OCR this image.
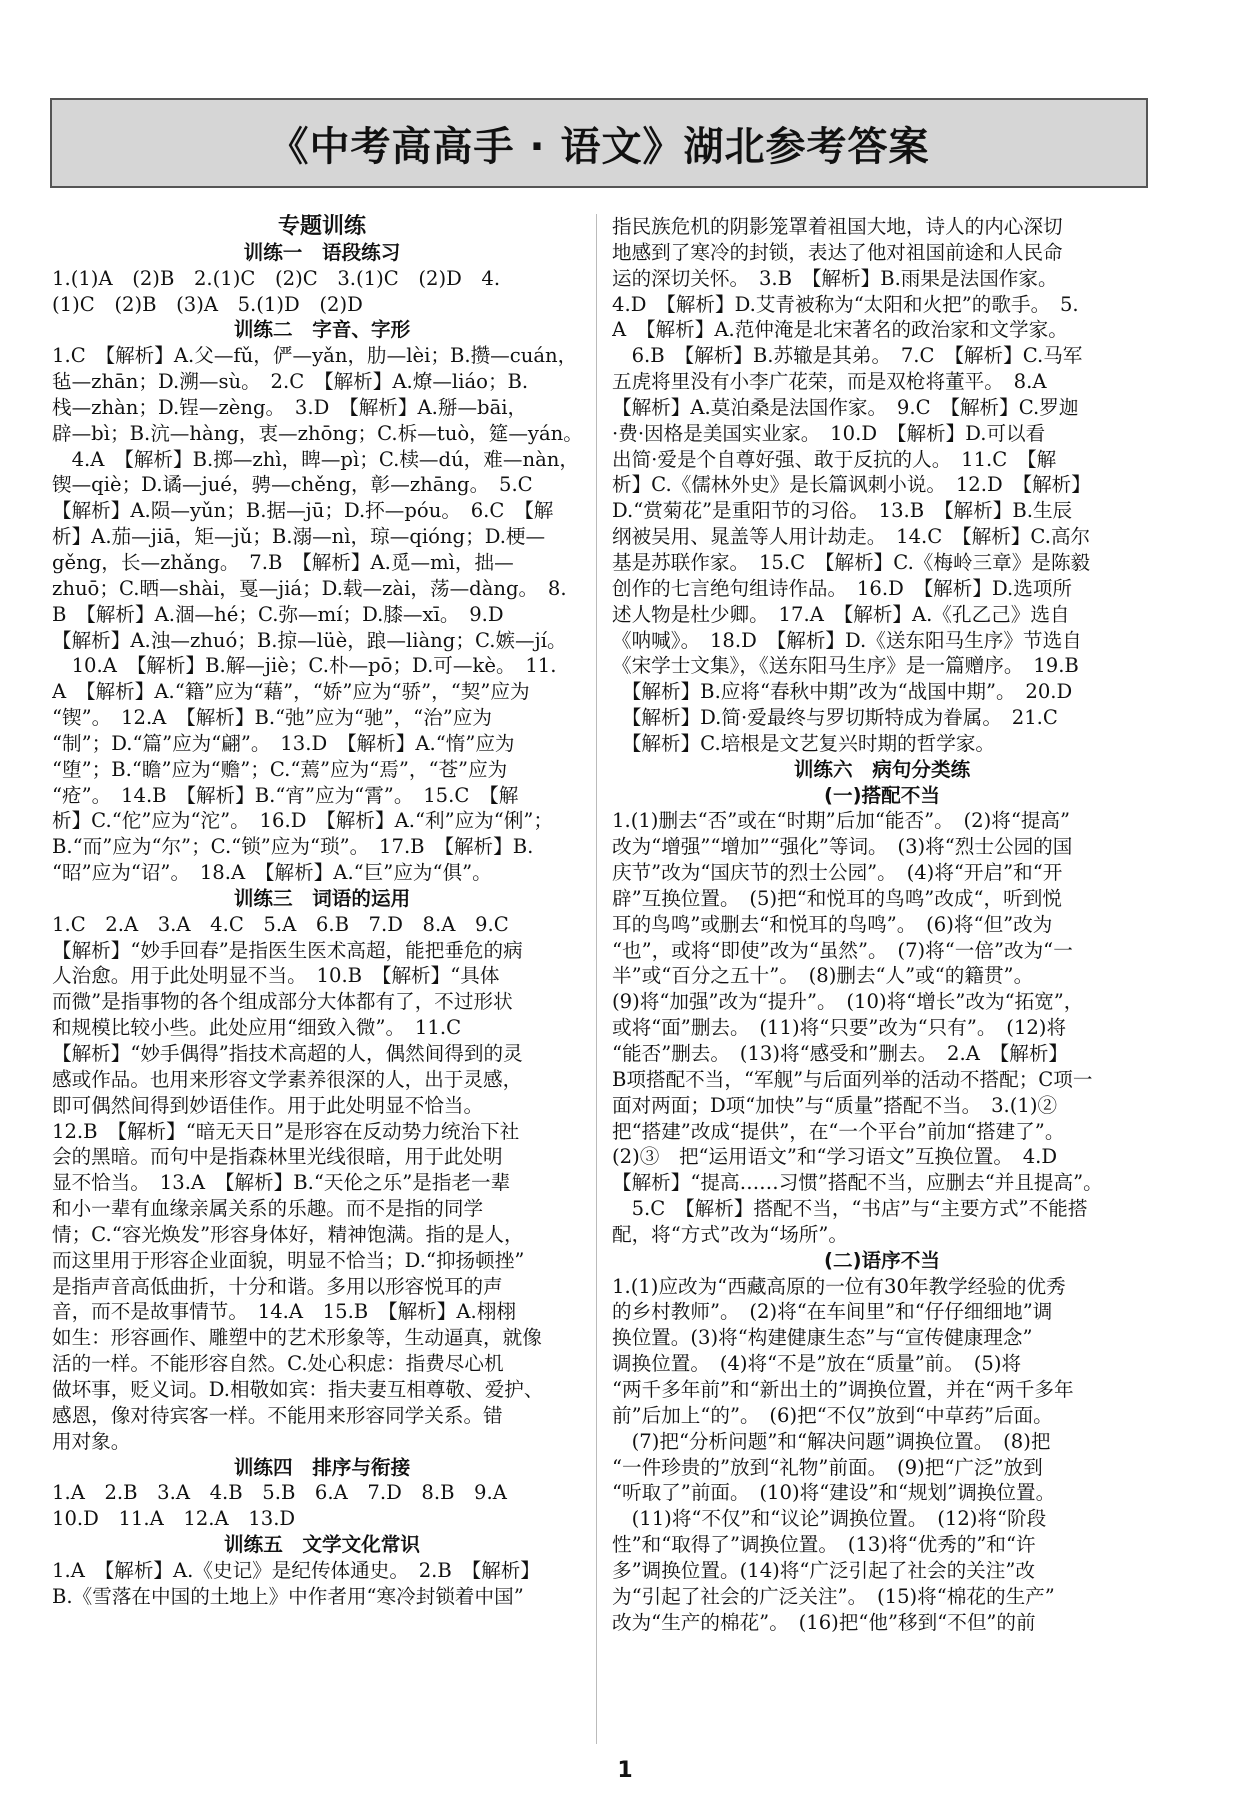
《中考高高手 · 语文》湖北参考答案
专题训练
训练一　语段练习
1.(1)A　(2)B　2.(1)C　(2)C　3.(1)C　(2)D　4.
(1)C　(2)B　(3)A　5.(1)D　(2)D
训练二　字音、字形
1.C　【解析】A.父—fǔ，俨—yǎn，肋—lèi；B.攒—cuán，
毡—zhān；D.溯—sù。　2.C　【解析】A.燎—liáo；B.
栈—zhàn；D.锃—zèng。　3.D　【解析】A.掰—bāi，
辟—bì；B.沆—hàng，衷—zhōng；C.柝—tuò，筵—yán。
　4.A　【解析】B.掷—zhì，睥—pì；C.椟—dú，难—nàn，
锲—qiè；D.谲—jué，骋—chěng，彰—zhāng。　5.C
【解析】A.陨—yǔn；B.据—jū；D.抔—póu。　6.C　【解
析】A.茄—jiā，矩—jǔ；B.溺—nì，琼—qióng；D.梗—
gěng，长—zhǎng。　7.B　【解析】A.觅—mì，拙—
zhuō；C.晒—shài，戛—jiá；D.载—zài，荡—dàng。　8.
B　【解析】A.涸—hé；C.弥—mí；D.膝—xī。　9.D
【解析】A.浊—zhuó；B.掠—lüè，踉—liàng；C.嫉—jí。
　10.A　【解析】B.解—jiè；C.朴—pō；D.可—kè。　11.
A　【解析】A.“籍”应为“藉”，“娇”应为“骄”，“契”应为
“锲”。　12.A　【解析】B.“弛”应为“驰”，“治”应为
“制”；D.“篇”应为“翩”。　13.D　【解析】A.“惰”应为
“堕”；B.“瞻”应为“赡”；C.“蔫”应为“焉”，“苍”应为
“疮”。　14.B　【解析】B.“宵”应为“霄”。　15.C　【解
析】C.“佗”应为“沱”。　16.D　【解析】A.“利”应为“俐”；
B.“而”应为“尔”；C.“锁”应为“琐”。　17.B　【解析】B.
“昭”应为“诏”。　18.A　【解析】A.“巨”应为“俱”。
训练三　词语的运用
1.C　2.A　3.A　4.C　5.A　6.B　7.D　8.A　9.C
【解析】“妙手回春”是指医生医术高超，能把垂危的病
人治愈。用于此处明显不当。　10.B　【解析】“具体
而微”是指事物的各个组成部分大体都有了，不过形状
和规模比较小些。此处应用“细致入微”。　11.C
【解析】“妙手偶得”指技术高超的人，偶然间得到的灵
感或作品。也用来形容文学素养很深的人，出于灵感，
即可偶然间得到妙语佳作。用于此处明显不恰当。
12.B　【解析】“暗无天日”是形容在反动势力统治下社
会的黑暗。而句中是指森林里光线很暗，用于此处明
显不恰当。　13.A　【解析】B.“天伦之乐”是指老一辈
和小一辈有血缘亲属关系的乐趣。而不是指的同学
情；C.“容光焕发”形容身体好，精神饱满。指的是人，
而这里用于形容企业面貌，明显不恰当；D.“抑扬顿挫”
是指声音高低曲折，十分和谐。多用以形容悦耳的声
音，而不是故事情节。　14.A　15.B　【解析】A.栩栩
如生：形容画作、雕塑中的艺术形象等，生动逼真，就像
活的一样。不能形容自然。C.处心积虑：指费尽心机
做坏事，贬义词。D.相敬如宾：指夫妻互相尊敬、爱护、
感恩，像对待宾客一样。不能用来形容同学关系。错
用对象。
训练四　排序与衔接
1.A　2.B　3.A　4.B　5.B　6.A　7.D　8.B　9.A
10.D　11.A　12.A　13.D
训练五　文学文化常识
1.A　【解析】A.《史记》是纪传体通史。　2.B　【解析】
B.《雪落在中国的土地上》中作者用“寒冷封锁着中国”
指民族危机的阴影笼罩着祖国大地，诗人的内心深切
地感到了寒冷的封锁，表达了他对祖国前途和人民命
运的深切关怀。　3.B　【解析】B.雨果是法国作家。
4.D　【解析】D.艾青被称为“太阳和火把”的歌手。　5.
A　【解析】A.范仲淹是北宋著名的政治家和文学家。
　6.B　【解析】B.苏辙是其弟。　7.C　【解析】C.马军
五虎将里没有小李广花荣，而是双枪将董平。　8.A
【解析】A.莫泊桑是法国作家。　9.C　【解析】C.罗迦
·费·因格是美国实业家。　10.D　【解析】D.可以看
出简·爱是个自尊好强、敢于反抗的人。　11.C　【解
析】C.《儒林外史》是长篇讽刺小说。　12.D　【解析】
D.“赏菊花”是重阳节的习俗。　13.B　【解析】B.生辰
纲被吴用、晁盖等人用计劫走。　14.C　【解析】C.高尔
基是苏联作家。　15.C　【解析】C.《梅岭三章》是陈毅
创作的七言绝句组诗作品。　16.D　【解析】D.选项所
述人物是杜少卿。　17.A　【解析】A.《孔乙己》选自
《呐喊》。　18.D　【解析】D.《送东阳马生序》节选自
《宋学士文集》，《送东阳马生序》是一篇赠序。　19.B
　【解析】B.应将“春秋中期”改为“战国中期”。　20.D
　【解析】D.简·爱最终与罗切斯特成为眷属。　21.C
　【解析】C.培根是文艺复兴时期的哲学家。
训练六　病句分类练
(一)搭配不当
1.(1)删去“否”或在“时期”后加“能否”。　(2)将“提高”
改为“增强”“增加”“强化”等词。　(3)将“烈士公园的国
庆节”改为“国庆节的烈士公园”。　(4)将“开启”和“开
辟”互换位置。　(5)把“和悦耳的鸟鸣”改成“，听到悦
耳的鸟鸣”或删去“和悦耳的鸟鸣”。　(6)将“但”改为
“也”，或将“即使”改为“虽然”。　(7)将“一倍”改为“一
半”或“百分之五十”。　(8)删去“人”或“的籍贯”。
(9)将“加强”改为“提升”。　(10)将“增长”改为“拓宽”，
或将“面”删去。　(11)将“只要”改为“只有”。　(12)将
“能否”删去。　(13)将“感受和”删去。　2.A　【解析】
B项搭配不当，“军舰”与后面列举的活动不搭配；C项一
面对两面；D项“加快”与“质量”搭配不当。　3.(1)②
把“搭建”改成“提供”，在“一个平台”前加“搭建了”。
(2)③　把“运用语文”和“学习语文”互换位置。　4.D
【解析】“提高……习惯”搭配不当，应删去“并且提高”。
　5.C　【解析】搭配不当，“书店”与“主要方式”不能搭
配，将“方式”改为“场所”。
(二)语序不当
1.(1)应改为“西藏高原的一位有30年教学经验的优秀
的乡村教师”。　(2)将“在车间里”和“仔仔细细地”调
换位置。(3)将“构建健康生态”与“宣传健康理念”
调换位置。　(4)将“不是”放在“质量”前。　(5)将
“两千多年前”和“新出土的”调换位置，并在“两千多年
前”后加上“的”。　(6)把“不仅”放到“中草药”后面。
　(7)把“分析问题”和“解决问题”调换位置。　(8)把
“一件珍贵的”放到“礼物”前面。　(9)把“广泛”放到
“听取了”前面。　(10)将“建设”和“规划”调换位置。
　(11)将“不仅”和“议论”调换位置。　(12)将“阶段
性”和“取得了”调换位置。　(13)将“优秀的”和“许
多”调换位置。(14)将“广泛引起了社会的关注”改
为“引起了社会的广泛关注”。　(15)将“棉花的生产”
改为“生产的棉花”。　(16)把“他”移到“不但”的前
1
